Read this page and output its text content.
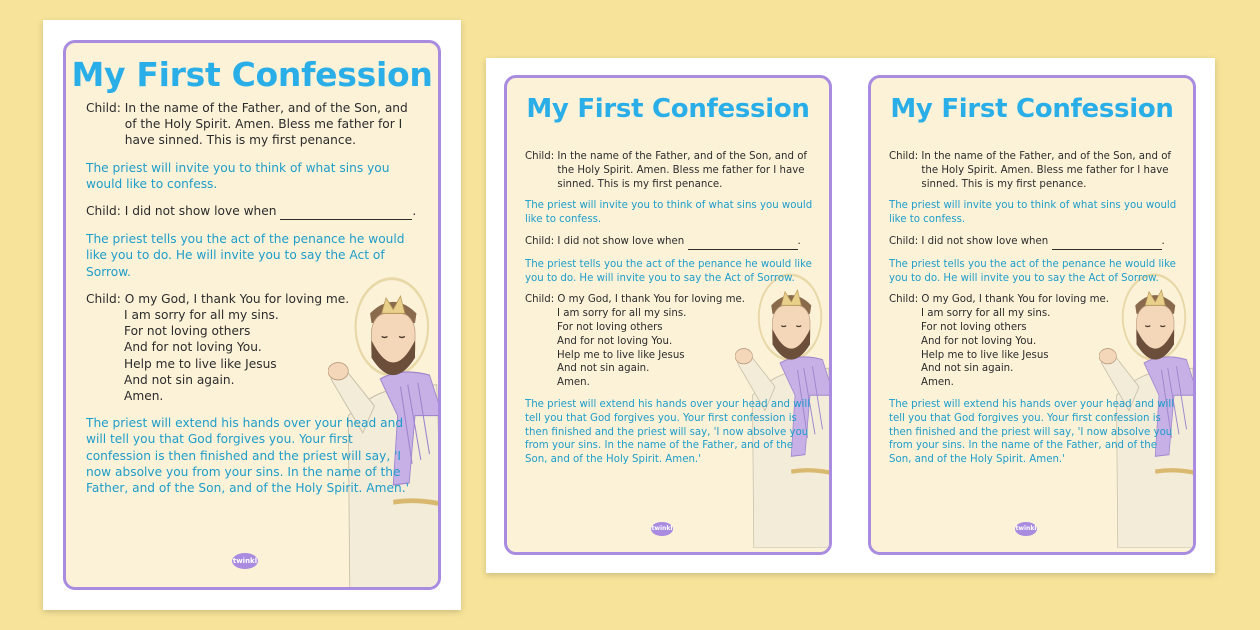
My First Confession
Child:
In the name of the Father, and of the Son, and of the Holy Spirit. Amen. Bless me father for I have sinned. This is my first penance.

The priest will invite you to think of what sins you would like to confess.

Child: I did not show love when	.

The priest tells you the act of the penance he would like you to do. He will invite you to say the Act of Sorrow.

Child: O my God, I thank You for loving me.
I am sorry for all my sins.
For not loving others
And for not loving You.
Help me to live like Jesus
And not sin again.
Amen.

The priest will extend his hands over your head and will tell you that God forgives you. Your first confession is then finished and the priest will say, 'I now absolve you from your sins. In the name of the Father, and of the Son, and of the Holy Spirit. Amen.'

twinkl
My First Confession
Child:
In the name of the Father, and of the Son, and of the Holy Spirit. Amen. Bless me father for I have sinned. This is my first penance.

The priest will invite you to think of what sins you would like to confess.

Child: I did not show love when	.

The priest tells you the act of the penance he would like you to do. He will invite you to say the Act of Sorrow.

Child: O my God, I thank You for loving me.
I am sorry for all my sins.
For not loving others
And for not loving You.
Help me to live like Jesus
And not sin again.
Amen.

The priest will extend his hands over your head and will tell you that God forgives you. Your first confession is then finished and the priest will say, 'I now absolve you from your sins. In the name of the Father, and of the Son, and of the Holy Spirit. Amen.'

twinkl
My First Confession
Child:
In the name of the Father, and of the Son, and of the Holy Spirit. Amen. Bless me father for I have sinned. This is my first penance.

The priest will invite you to think of what sins you would like to confess.

Child: I did not show love when	.

The priest tells you the act of the penance he would like you to do. He will invite you to say the Act of Sorrow.

Child: O my God, I thank You for loving me.
I am sorry for all my sins.
For not loving others
And for not loving You.
Help me to live like Jesus
And not sin again.
Amen.

The priest will extend his hands over your head and will tell you that God forgives you. Your first confession is then finished and the priest will say, 'I now absolve you from your sins. In the name of the Father, and of the Son, and of the Holy Spirit. Amen.'

twinkl
